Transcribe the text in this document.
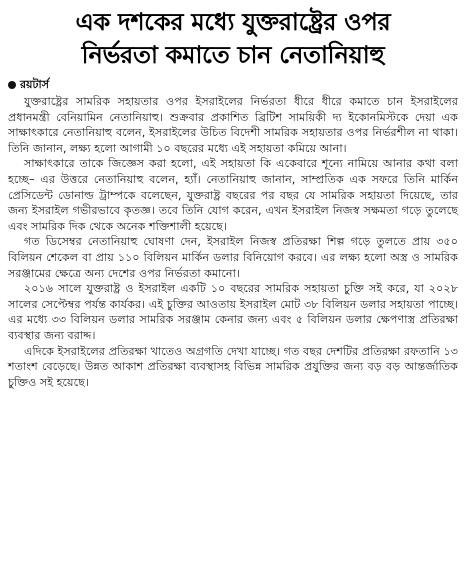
এক দশকের মধ্যে যুক্তরাষ্ট্রের ওপর
নির্ভরতা কমাতে চান নেতানিয়াহু
রয়টার্স

যুক্তরাষ্ট্রের সামরিক সহায়তার ওপর ইসরাইলের নির্ভরতা ধীরে ধীরে কমাতে চান ইসরাইলের প্রধানমন্ত্রী বেনিয়ামিন নেতানিয়াহু। শুক্রবার প্রকাশিত ব্রিটিশ সাময়িকী দ্য ইকোনমিস্টকে দেয়া এক সাক্ষাৎকারে নেতানিয়াহু বলেন, ইসরাইলের উচিত বিদেশী সামরিক সহায়তার ওপর নির্ভরশীল না থাকা। তিনি জানান, লক্ষ্য হলো আগামী ১০ বছরের মধ্যে এই সহায়তা কমিয়ে আনা।

সাক্ষাৎকারে তাকে জিজ্ঞেস করা হলো, এই সহায়তা কি একেবারে শূন্যে নামিয়ে আনার কথা বলা হচ্ছে– এর উত্তরে নেতানিয়াহু বলেন, হ্যাঁ। নেতানিয়াহু জানান, সাম্প্রতিক এক সফরে তিনি মার্কিন প্রেসিডেন্ট ডোনাল্ড ট্রাম্পকে বলেছেন, যুক্তরাষ্ট্র বছরের পর বছর যে সামরিক সহায়তা দিয়েছে, তার জন্য ইসরাইল গভীরভাবে কৃতজ্ঞ। তবে তিনি যোগ করেন, এখন ইসরাইল নিজস্ব সক্ষমতা গড়ে তুলেছে এবং সামরিক দিক থেকে অনেক শক্তিশালী হয়েছে।

গত ডিসেম্বর নেতানিয়াহু ঘোষণা দেন, ইসরাইল নিজস্ব প্রতিরক্ষা শিল্প গড়ে তুলতে প্রায় ৩৫০ বিলিয়ন শেকেল বা প্রায় ১১০ বিলিয়ন মার্কিন ডলার বিনিয়োগ করবে। এর লক্ষ্য হলো অস্ত্র ও সামরিক সরঞ্জামের ক্ষেত্রে অন্য দেশের ওপর নির্ভরতা কমানো।

২০১৬ সালে যুক্তরাষ্ট্র ও ইসরাইল একটি ১০ বছরের সামরিক সহায়তা চুক্তি সই করে, যা ২০২৮ সালের সেপ্টেম্বর পর্যন্ত কার্যকর। এই চুক্তির আওতায় ইসরাইল মোট ৩৮ বিলিয়ন ডলার সহায়তা পাচ্ছে। এর মধ্যে ৩৩ বিলিয়ন ডলার সামরিক সরঞ্জাম কেনার জন্য এবং ৫ বিলিয়ন ডলার ক্ষেপণাস্ত্র প্রতিরক্ষা ব্যবস্থার জন্য বরাদ্দ।

এদিকে ইসরাইলের প্রতিরক্ষা খাতেও অগ্রগতি দেখা যাচ্ছে। গত বছর দেশটির প্রতিরক্ষা রফতানি ১৩ শতাংশ বেড়েছে। উন্নত আকাশ প্রতিরক্ষা ব্যবস্থাসহ বিভিন্ন সামরিক প্রযুক্তির জন্য বড় বড় আন্তর্জাতিক চুক্তিও সই হয়েছে।
